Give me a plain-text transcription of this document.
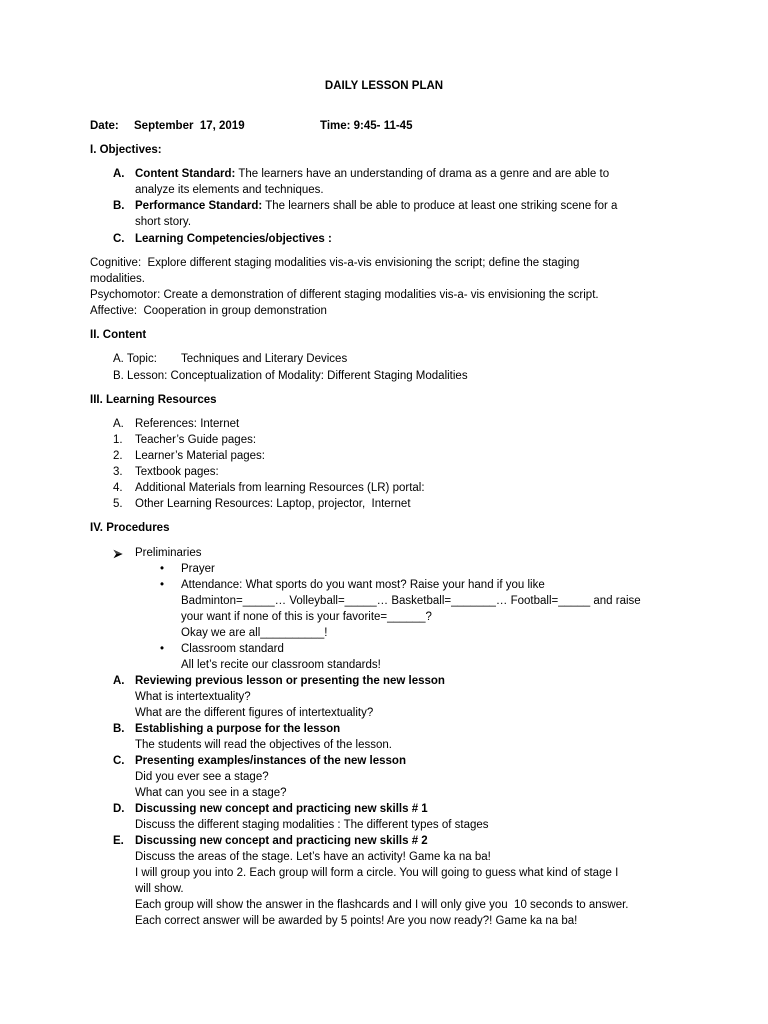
DAILY LESSON PLAN
Date: September  17, 2019	Time: 9:45- 11-45
I. Objectives:
A. Content Standard: The learners have an understanding of drama as a genre and are able to
analyze its elements and techniques.
B. Performance Standard: The learners shall be able to produce at least one striking scene for a
short story.
C. Learning Competencies/objectives :
Cognitive:  Explore different staging modalities vis-a-vis envisioning the script; define the staging
modalities.
Psychomotor: Create a demonstration of different staging modalities vis-a- vis envisioning the script.
Affective:  Cooperation in group demonstration
II. Content
A. Topic: Techniques and Literary Devices
B. Lesson: Conceptualization of Modality: Different Staging Modalities
III. Learning Resources
A. References: Internet
1. Teacher’s Guide pages:
2. Learner’s Material pages:
3. Textbook pages:
4. Additional Materials from learning Resources (LR) portal:
5. Other Learning Resources: Laptop, projector,  Internet
IV. Procedures
Preliminaries
•
Prayer
•
Attendance: What sports do you want most? Raise your hand if you like
Badminton=_____… Volleyball=_____… Basketball=_______… Football=_____ and raise
your want if none of this is your favorite=______?
Okay we are all__________!
•
Classroom standard
All let’s recite our classroom standards!
A. Reviewing previous lesson or presenting the new lesson
What is intertextuality?
What are the different figures of intertextuality?
B. Establishing a purpose for the lesson
The students will read the objectives of the lesson.
C. Presenting examples/instances of the new lesson
Did you ever see a stage?
What can you see in a stage?
D. Discussing new concept and practicing new skills # 1
Discuss the different staging modalities : The different types of stages
E. Discussing new concept and practicing new skills # 2
Discuss the areas of the stage. Let’s have an activity! Game ka na ba!
I will group you into 2. Each group will form a circle. You will going to guess what kind of stage I
will show.
Each group will show the answer in the flashcards and I will only give you  10 seconds to answer.
Each correct answer will be awarded by 5 points! Are you now ready?! Game ka na ba!
